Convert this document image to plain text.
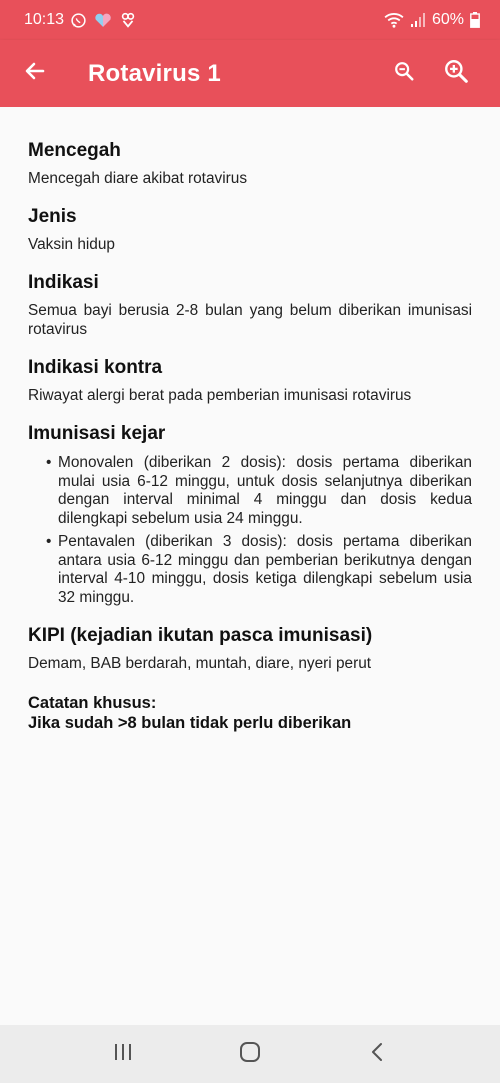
10:13	60%
Rotavirus 1
Mencegah
Mencegah diare akibat rotavirus
Jenis
Vaksin hidup
Indikasi
Semua bayi berusia 2-8 bulan yang belum diberikan imunisasi rotavirus
Indikasi kontra
Riwayat alergi berat pada pemberian imunisasi rotavirus
Imunisasi kejar
• Monovalen (diberikan 2 dosis): dosis pertama diberikan mulai usia 6-12 minggu, untuk dosis selanjutnya diberikan dengan interval minimal 4 minggu dan dosis kedua dilengkapi sebelum usia 24 minggu.
• Pentavalen (diberikan 3 dosis): dosis pertama diberikan antara usia 6-12 minggu dan pemberian berikutnya dengan interval 4-10 minggu, dosis ketiga dilengkapi sebelum usia 32 minggu.
KIPI (kejadian ikutan pasca imunisasi)
Demam, BAB berdarah, muntah, diare, nyeri perut
Catatan khusus:
Jika sudah >8 bulan tidak perlu diberikan
